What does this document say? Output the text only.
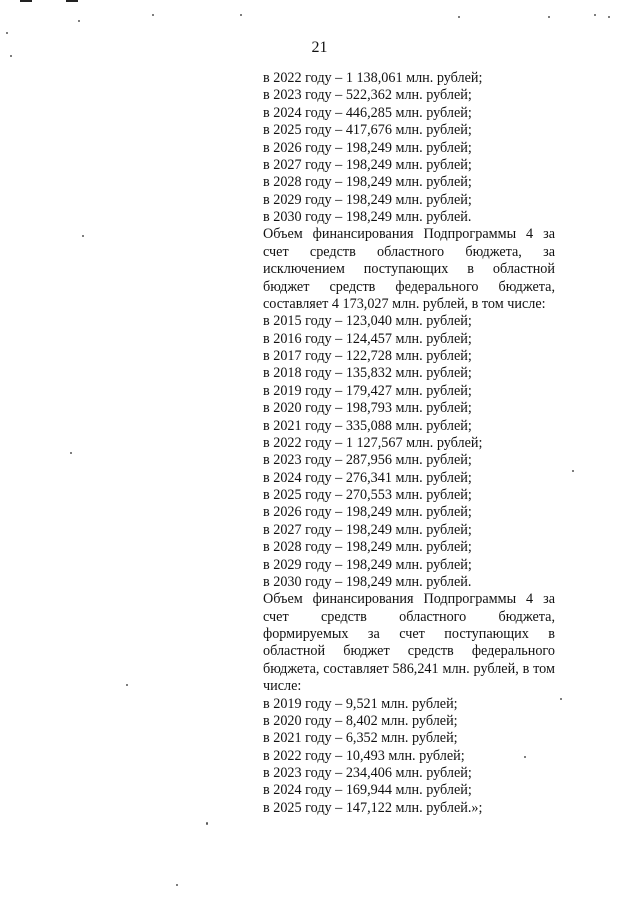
21
в 2022 году – 1 138,061 млн. рублей;
в 2023 году – 522,362 млн. рублей;
в 2024 году – 446,285 млн. рублей;
в 2025 году – 417,676 млн. рублей;
в 2026 году – 198,249 млн. рублей;
в 2027 году – 198,249 млн. рублей;
в 2028 году – 198,249 млн. рублей;
в 2029 году – 198,249 млн. рублей;
в 2030 году – 198,249 млн. рублей.
Объем финансирования Подпрограммы 4 за счет средств областного бюджета, за исключением поступающих в областной бюджет средств федерального бюджета, составляет 4 173,027 млн. рублей, в том числе:
в 2015 году – 123,040 млн. рублей;
в 2016 году – 124,457 млн. рублей;
в 2017 году – 122,728 млн. рублей;
в 2018 году – 135,832 млн. рублей;
в 2019 году – 179,427 млн. рублей;
в 2020 году – 198,793 млн. рублей;
в 2021 году – 335,088 млн. рублей;
в 2022 году – 1 127,567 млн. рублей;
в 2023 году – 287,956 млн. рублей;
в 2024 году – 276,341 млн. рублей;
в 2025 году – 270,553 млн. рублей;
в 2026 году – 198,249 млн. рублей;
в 2027 году – 198,249 млн. рублей;
в 2028 году – 198,249 млн. рублей;
в 2029 году – 198,249 млн. рублей;
в 2030 году – 198,249 млн. рублей.
Объем финансирования Подпрограммы 4 за счет средств областного бюджета, формируемых за счет поступающих в областной бюджет средств федерального бюджета, составляет 586,241 млн. рублей, в том числе:
в 2019 году – 9,521 млн. рублей;
в 2020 году – 8,402 млн. рублей;
в 2021 году – 6,352 млн. рублей;
в 2022 году – 10,493 млн. рублей;
в 2023 году – 234,406 млн. рублей;
в 2024 году – 169,944 млн. рублей;
в 2025 году – 147,122 млн. рублей.»;
